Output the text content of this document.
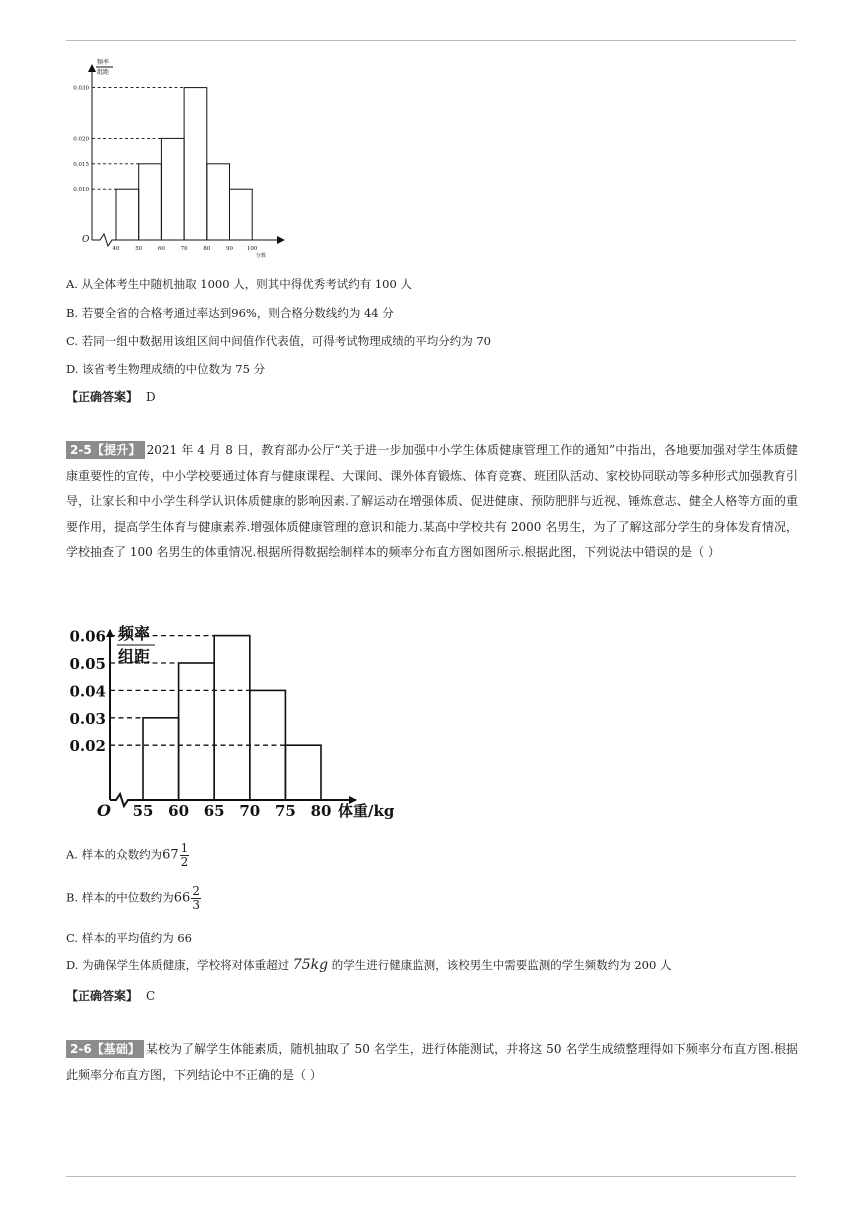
O
频率
组距
0.030
0.020
0.015
0.010
40	50	60	70	80	90	100
分数
A. 从全体考生中随机抽取 1000 人，则其中得优秀考试约有 100 人
B. 若要全省的合格考通过率达到96%，则合格分数线约为 44 分
C. 若同一组中数据用该组区间中间值作代表值，可得考试物理成绩的平均分约为 70
D. 该省考生物理成绩的中位数为 75 分
【正确答案】 D
2-5【提升】 2021 年 4 月 8 日，教育部办公厅“关于进一步加强中小学生体质健康管理工作的通知”中指出，各地要加强对学生体质健康重要性的宣传，中小学校要通过体育与健康课程、大课间、课外体育锻炼、体育竞赛、班团队活动、家校协同联动等多种形式加强教育引导，让家长和中小学生科学认识体质健康的影响因素.了解运动在增强体质、促进健康、预防肥胖与近视、锤炼意志、健全人格等方面的重要作用，提高学生体育与健康素养.增强体质健康管理的意识和能力.某高中学校共有 2000 名男生，为了了解这部分学生的身体发育情况，学校抽查了 100 名男生的体重情况.根据所得数据绘制样本的频率分布直方图如图所示.根据此图，下列说法中错误的是（ ）
O
频率
组距
0.06
0.05
0.04
0.03
0.02
55 60 65 70 75 80 体重/kg
A. 样本的众数约为$67 \frac{1}{2}$
B. 样本的中位数约为$66 \frac{2}{3}$
C. 样本的平均值约为 66
D. 为确保学生体质健康，学校将对体重超过 75kg 的学生进行健康监测，该校男生中需要监测的学生频数约为 200 人
【正确答案】 C
2-6【基础】 某校为了解学生体能素质，随机抽取了 50 名学生，进行体能测试，并将这 50 名学生成绩整理得如下频率分布直方图.根据此频率分布直方图，下列结论中不正确的是（ ）
